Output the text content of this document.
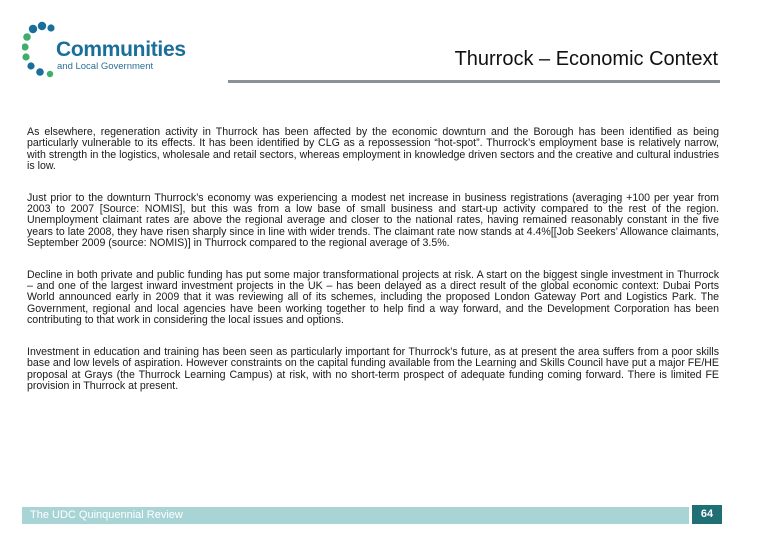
Communities
and Local Government	Thurrock – Economic Context

As elsewhere, regeneration activity in Thurrock has been affected by the economic downturn and the Borough has been identified as being particularly vulnerable to its effects. It has been identified by CLG as a repossession “hot-spot”. Thurrock’s employment base is relatively narrow, with strength in the logistics, wholesale and retail sectors, whereas employment in knowledge driven sectors and the creative and cultural industries is low.

Just prior to the downturn Thurrock’s economy was experiencing a modest net increase in business registrations (averaging +100 per year from 2003 to 2007 [Source: NOMIS], but this was from a low base of small business and start-up activity compared to the rest of the region. Unemployment claimant rates are above the regional average and closer to the national rates, having remained reasonably constant in the five years to late 2008, they have risen sharply since in line with wider trends. The claimant rate now stands at 4.4%[[Job Seekers’ Allowance claimants, September 2009 (source: NOMIS)] in Thurrock compared to the regional average of 3.5%.

Decline in both private and public funding has put some major transformational projects at risk. A start on the biggest single investment in Thurrock – and one of the largest inward investment projects in the UK – has been delayed as a direct result of the global economic context: Dubai Ports World announced early in 2009 that it was reviewing all of its schemes, including the proposed London Gateway Port and Logistics Park. The Government, regional and local agencies have been working together to help find a way forward, and the Development Corporation has been contributing to that work in considering the local issues and options.

Investment in education and training has been seen as particularly important for Thurrock’s future, as at present the area suffers from a poor skills base and low levels of aspiration. However constraints on the capital funding available from the Learning and Skills Council have put a major FE/HE proposal at Grays (the Thurrock Learning Campus) at risk, with no short-term prospect of adequate funding coming forward. There is limited FE provision in Thurrock at present.

The UDC Quinquennial Review	64
